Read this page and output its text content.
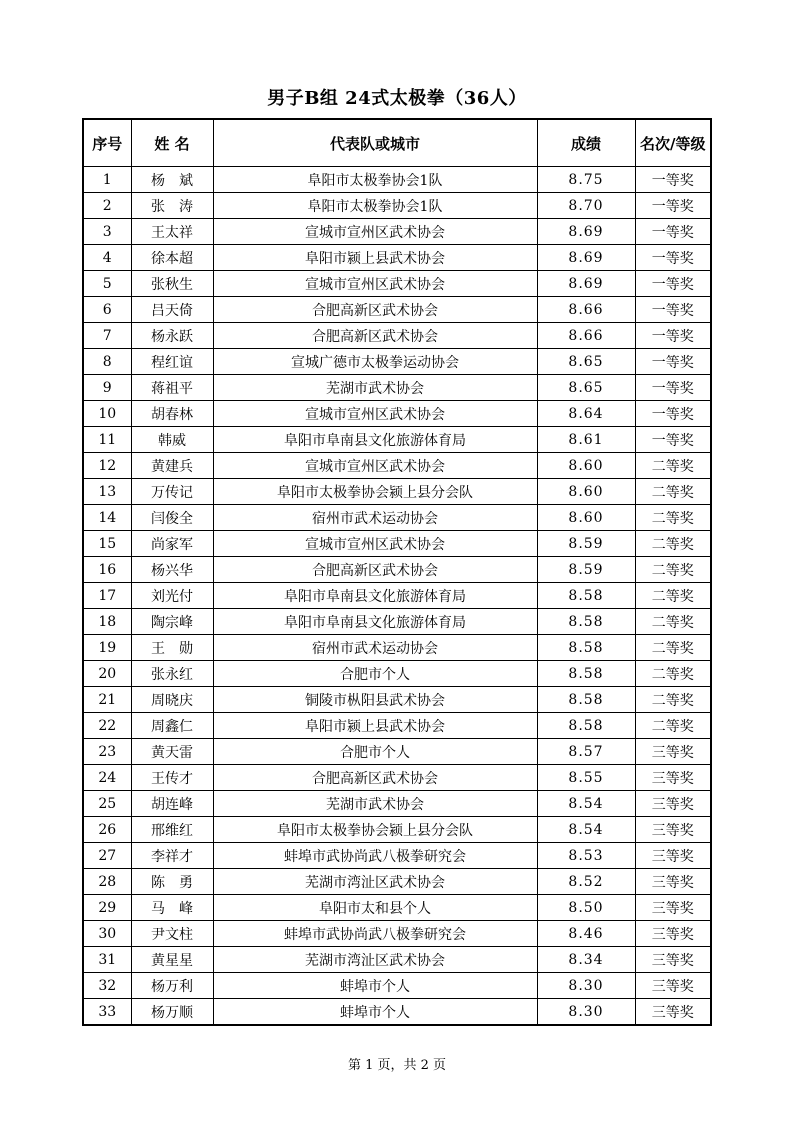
男子B组 24式太极拳（36人）
序号	姓 名	代表队或城市	成绩	名次/等级
1	杨　斌	阜阳市太极拳协会1队	8.75	一等奖
2	张　涛	阜阳市太极拳协会1队	8.70	一等奖
3	王太祥	宣城市宣州区武术协会	8.69	一等奖
4	徐本超	阜阳市颍上县武术协会	8.69	一等奖
5	张秋生	宣城市宣州区武术协会	8.69	一等奖
6	吕天倚	合肥高新区武术协会	8.66	一等奖
7	杨永跃	合肥高新区武术协会	8.66	一等奖
8	程红谊	宣城广德市太极拳运动协会	8.65	一等奖
9	蒋祖平	芜湖市武术协会	8.65	一等奖
10	胡春林	宣城市宣州区武术协会	8.64	一等奖
11	韩威	阜阳市阜南县文化旅游体育局	8.61	一等奖
12	黄建兵	宣城市宣州区武术协会	8.60	二等奖
13	万传记	阜阳市太极拳协会颍上县分会队	8.60	二等奖
14	闫俊全	宿州市武术运动协会	8.60	二等奖
15	尚家军	宣城市宣州区武术协会	8.59	二等奖
16	杨兴华	合肥高新区武术协会	8.59	二等奖
17	刘光付	阜阳市阜南县文化旅游体育局	8.58	二等奖
18	陶宗峰	阜阳市阜南县文化旅游体育局	8.58	二等奖
19	王　勋	宿州市武术运动协会	8.58	二等奖
20	张永红	合肥市个人	8.58	二等奖
21	周晓庆	铜陵市枞阳县武术协会	8.58	二等奖
22	周鑫仁	阜阳市颍上县武术协会	8.58	二等奖
23	黄天雷	合肥市个人	8.57	三等奖
24	王传才	合肥高新区武术协会	8.55	三等奖
25	胡连峰	芜湖市武术协会	8.54	三等奖
26	邢维红	阜阳市太极拳协会颍上县分会队	8.54	三等奖
27	李祥才	蚌埠市武协尚武八极拳研究会	8.53	三等奖
28	陈　勇	芜湖市湾沚区武术协会	8.52	三等奖
29	马　峰	阜阳市太和县个人	8.50	三等奖
30	尹文柱	蚌埠市武协尚武八极拳研究会	8.46	三等奖
31	黄星星	芜湖市湾沚区武术协会	8.34	三等奖
32	杨万利	蚌埠市个人	8.30	三等奖
33	杨万顺	蚌埠市个人	8.30	三等奖
第 1 页，共 2 页
